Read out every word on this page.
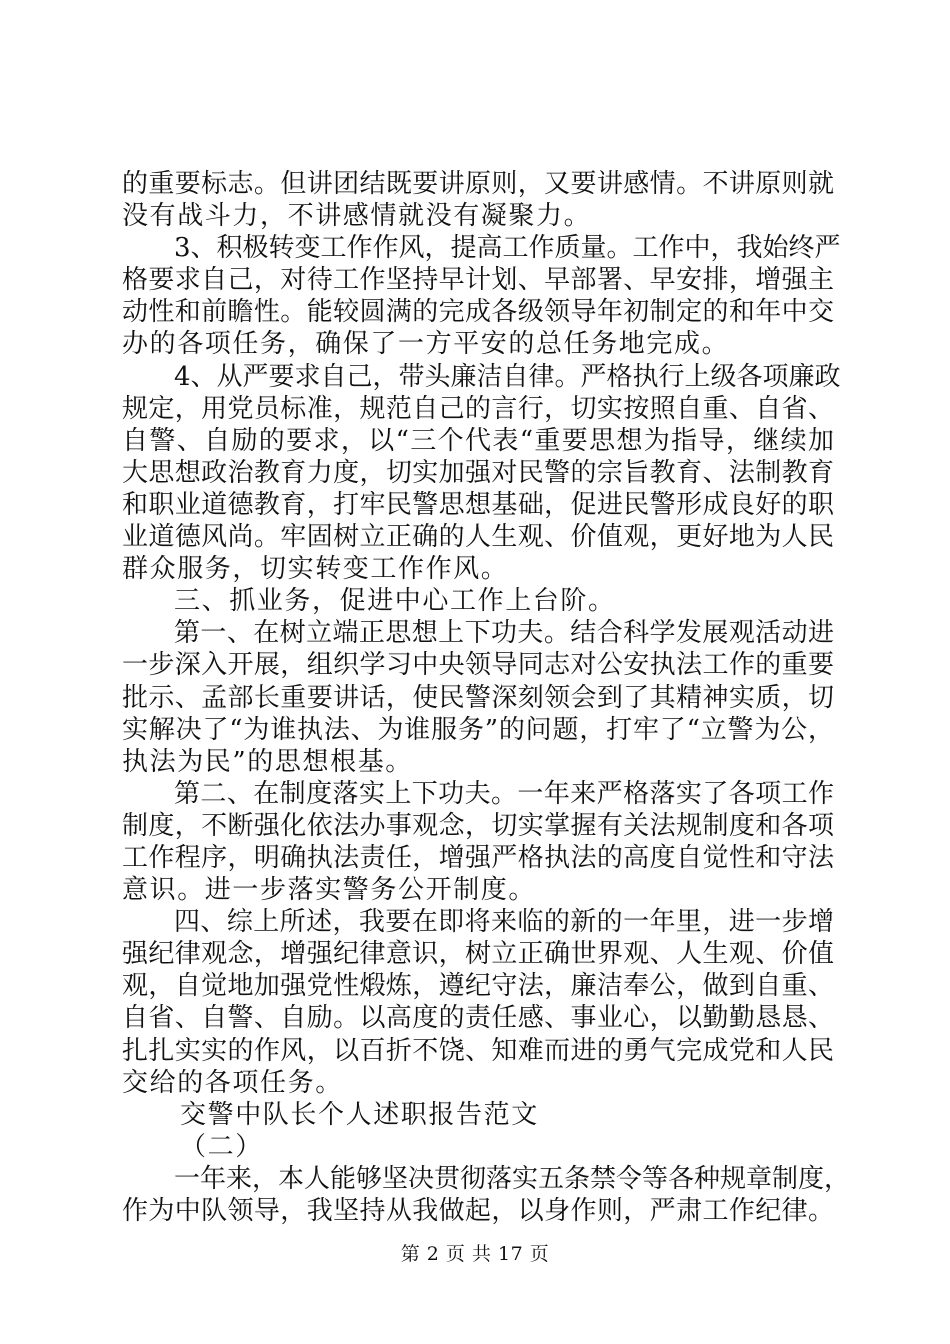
的重要标志。但讲团结既要讲原则，又要讲感情。不讲原则就
没有战斗力，不讲感情就没有凝聚力。
3、积极转变工作作风，提高工作质量。工作中，我始终严
格要求自己，对待工作坚持早计划、早部署、早安排，增强主
动性和前瞻性。能较圆满的完成各级领导年初制定的和年中交
办的各项任务，确保了一方平安的总任务地完成。
4、从严要求自己，带头廉洁自律。严格执行上级各项廉政
规定，用党员标准，规范自己的言行，切实按照自重、自省、
自警、自励的要求，以“三个代表“重要思想为指导，继续加
大思想政治教育力度，切实加强对民警的宗旨教育、法制教育
和职业道德教育，打牢民警思想基础，促进民警形成良好的职
业道德风尚。牢固树立正确的人生观、价值观，更好地为人民
群众服务，切实转变工作作风。
三、抓业务，促进中心工作上台阶。
第一、在树立端正思想上下功夫。结合科学发展观活动进
一步深入开展，组织学习中央领导同志对公安执法工作的重要
批示、孟部长重要讲话，使民警深刻领会到了其精神实质，切
实解决了“为谁执法、为谁服务”的问题，打牢了“立警为公，
执法为民”的思想根基。
第二、在制度落实上下功夫。一年来严格落实了各项工作
制度，不断强化依法办事观念，切实掌握有关法规制度和各项
工作程序，明确执法责任，增强严格执法的高度自觉性和守法
意识。进一步落实警务公开制度。
四、综上所述，我要在即将来临的新的一年里，进一步增
强纪律观念，增强纪律意识，树立正确世界观、人生观、价值
观，自觉地加强党性煅炼，遵纪守法，廉洁奉公，做到自重、
自省、自警、自励。以高度的责任感、事业心，以勤勤恳恳、
扎扎实实的作风，以百折不饶、知难而进的勇气完成党和人民
交给的各项任务。
交警中队长个人述职报告范文
（二）
一年来，本人能够坚决贯彻落实五条禁令等各种规章制度，
作为中队领导，我坚持从我做起，以身作则，严肃工作纪律。
第 2 页 共 17 页
